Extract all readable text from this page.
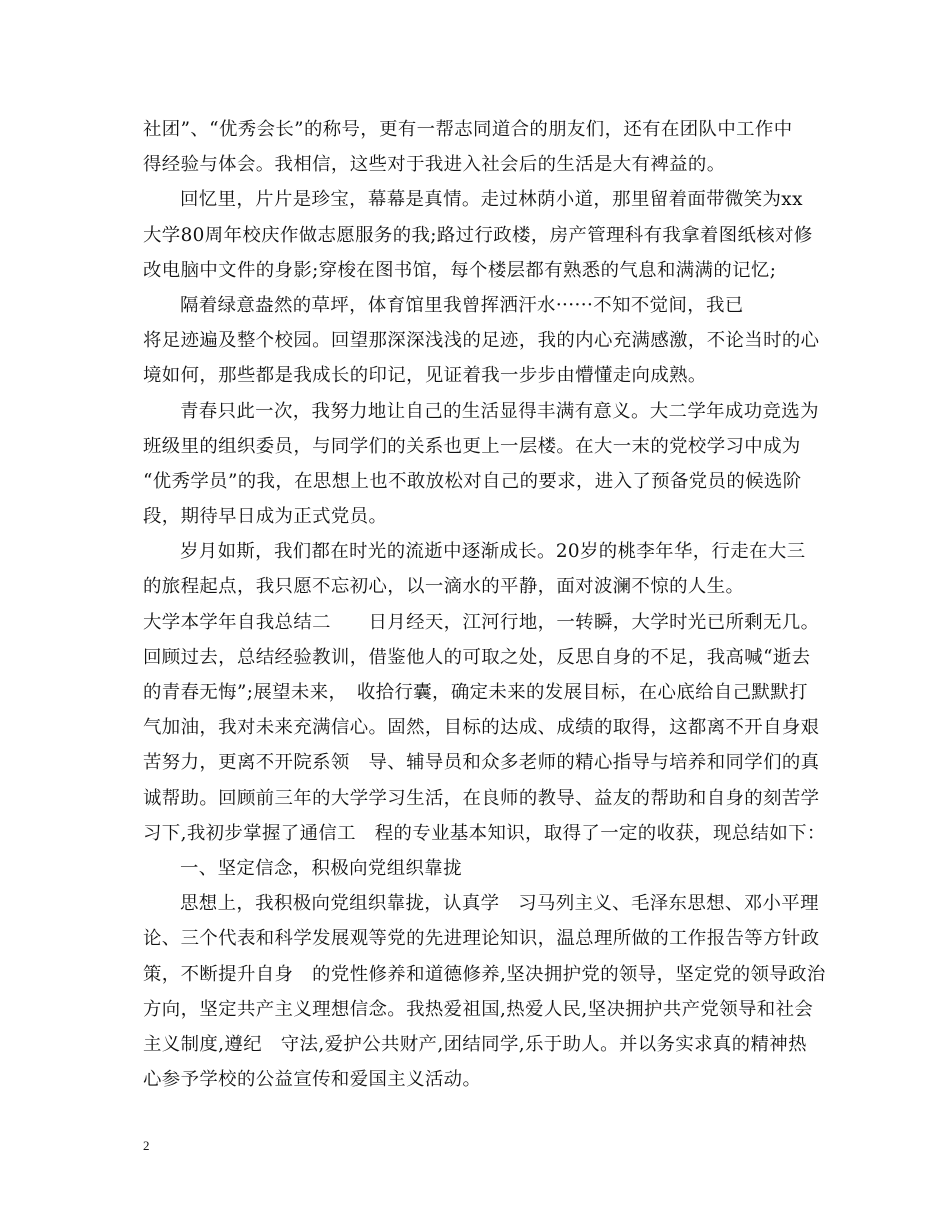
社团”、“优秀会长”的称号，更有一帮志同道合的朋友们，还有在团队中工作中
得经验与体会。我相信，这些对于我进入社会后的生活是大有裨益的。
回忆里，片片是珍宝，幕幕是真情。走过林荫小道，那里留着面带微笑为xx
大学80周年校庆作做志愿服务的我;路过行政楼，房产管理科有我拿着图纸核对修
改电脑中文件的身影;穿梭在图书馆，每个楼层都有熟悉的气息和满满的记忆;
隔着绿意盎然的草坪，体育馆里我曾挥洒汗水······不知不觉间，我已
将足迹遍及整个校园。回望那深深浅浅的足迹，我的内心充满感激，不论当时的心
境如何，那些都是我成长的印记，见证着我一步步由懵懂走向成熟。
青春只此一次，我努力地让自己的生活显得丰满有意义。大二学年成功竞选为
班级里的组织委员，与同学们的关系也更上一层楼。在大一末的党校学习中成为
“优秀学员”的我，在思想上也不敢放松对自己的要求，进入了预备党员的候选阶
段，期待早日成为正式党员。
岁月如斯，我们都在时光的流逝中逐渐成长。20岁的桃李年华，行走在大三
的旅程起点，我只愿不忘初心，以一滴水的平静，面对波澜不惊的人生。
大学本学年自我总结二　　日月经天，江河行地，一转瞬，大学时光已所剩无几。
回顾过去，总结经验教训，借鉴他人的可取之处，反思自身的不足，我高喊“逝去
的青春无悔”;展望未来，　收拾行囊，确定未来的发展目标，在心底给自己默默打
气加油，我对未来充满信心。固然，目标的达成、成绩的取得，这都离不开自身艰
苦努力，更离不开院系领　导、辅导员和众多老师的精心指导与培养和同学们的真
诚帮助。回顾前三年的大学学习生活，在良师的教导、益友的帮助和自身的刻苦学
习下,我初步掌握了通信工　程的专业基本知识，取得了一定的收获，现总结如下：
一、坚定信念，积极向党组织靠拢
思想上，我积极向党组织靠拢，认真学　习马列主义、毛泽东思想、邓小平理
论、三个代表和科学发展观等党的先进理论知识，温总理所做的工作报告等方针政
策，不断提升自身　的党性修养和道德修养,坚决拥护党的领导，坚定党的领导政治
方向，坚定共产主义理想信念。我热爱祖国,热爱人民,坚决拥护共产党领导和社会
主义制度,遵纪　守法,爱护公共财产,团结同学,乐于助人。并以务实求真的精神热
心参予学校的公益宣传和爱国主义活动。
2
